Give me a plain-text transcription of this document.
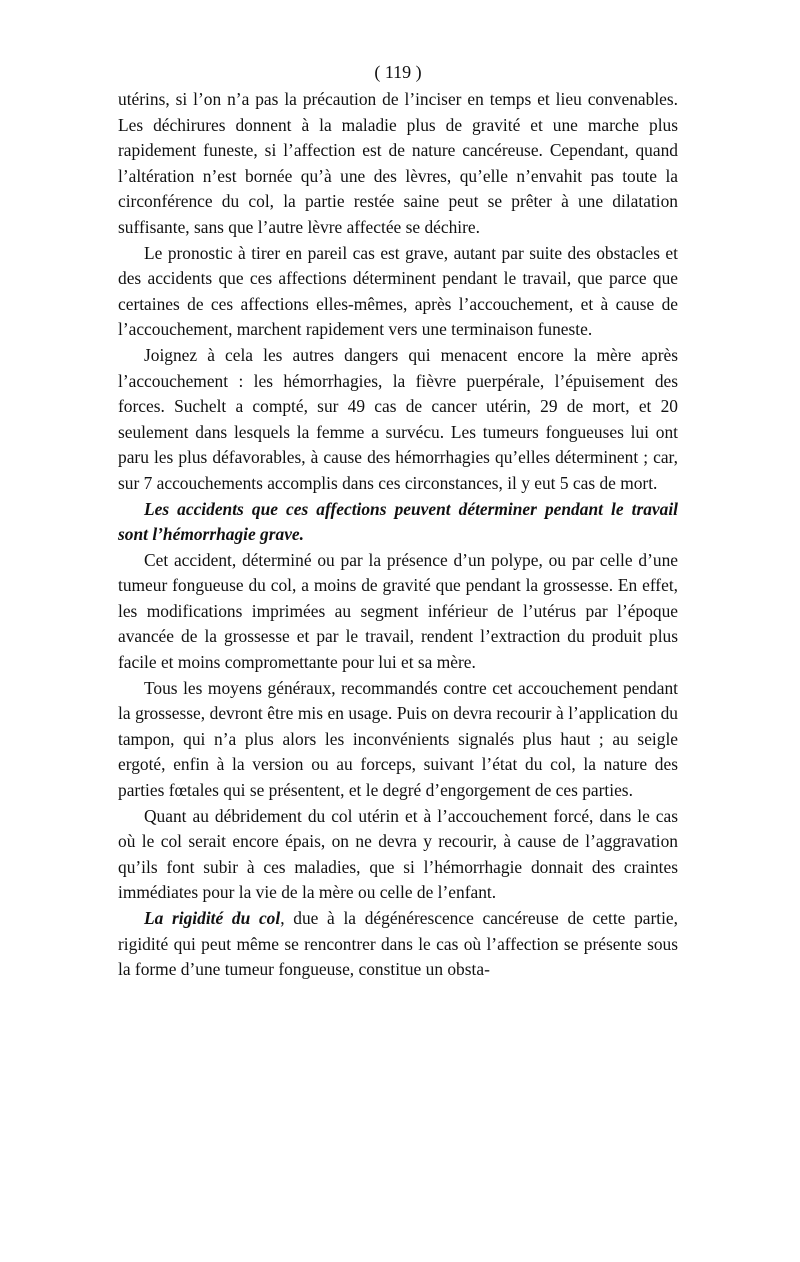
( 119 )

utérins, si l’on n’a pas la précaution de l’inciser en temps et lieu convenables. Les déchirures donnent à la maladie plus de gravité et une marche plus rapidement funeste, si l’affection est de nature cancéreuse. Cependant, quand l’altération n’est bornée qu’à une des lèvres, qu’elle n’envahit pas toute la circonférence du col, la partie restée saine peut se prêter à une dilatation suffisante, sans que l’autre lèvre affectée se déchire.

Le pronostic à tirer en pareil cas est grave, autant par suite des obstacles et des accidents que ces affections déterminent pendant le travail, que parce que certaines de ces affections elles-mêmes, après l’accouchement, et à cause de l’accouchement, marchent rapidement vers une terminaison funeste.

Joignez à cela les autres dangers qui menacent encore la mère après l’accouchement : les hémorrhagies, la fièvre puerpérale, l’épuisement des forces. Suchelt a compté, sur 49 cas de cancer utérin, 29 de mort, et 20 seulement dans lesquels la femme a survécu. Les tumeurs fongueuses lui ont paru les plus défavorables, à cause des hémorrhagies qu’elles déterminent ; car, sur 7 accouchements accomplis dans ces circonstances, il y eut 5 cas de mort.

Les accidents que ces affections peuvent déterminer pendant le travail sont l’hémorrhagie grave.

Cet accident, déterminé ou par la présence d’un polype, ou par celle d’une tumeur fongueuse du col, a moins de gravité que pendant la grossesse. En effet, les modifications imprimées au segment inférieur de l’utérus par l’époque avancée de la grossesse et par le travail, rendent l’extraction du produit plus facile et moins compromettante pour lui et sa mère.

Tous les moyens généraux, recommandés contre cet accouchement pendant la grossesse, devront être mis en usage. Puis on devra recourir à l’application du tampon, qui n’a plus alors les inconvénients signalés plus haut ; au seigle ergoté, enfin à la version ou au forceps, suivant l’état du col, la nature des parties fœtales qui se présentent, et le degré d’engorgement de ces parties.

Quant au débridement du col utérin et à l’accouchement forcé, dans le cas où le col serait encore épais, on ne devra y recourir, à cause de l’aggravation qu’ils font subir à ces maladies, que si l’hémorrhagie donnait des craintes immédiates pour la vie de la mère ou celle de l’enfant.

La rigidité du col, due à la dégénérescence cancéreuse de cette partie, rigidité qui peut même se rencontrer dans le cas où l’affection se présente sous la forme d’une tumeur fongueuse, constitue un obsta-
